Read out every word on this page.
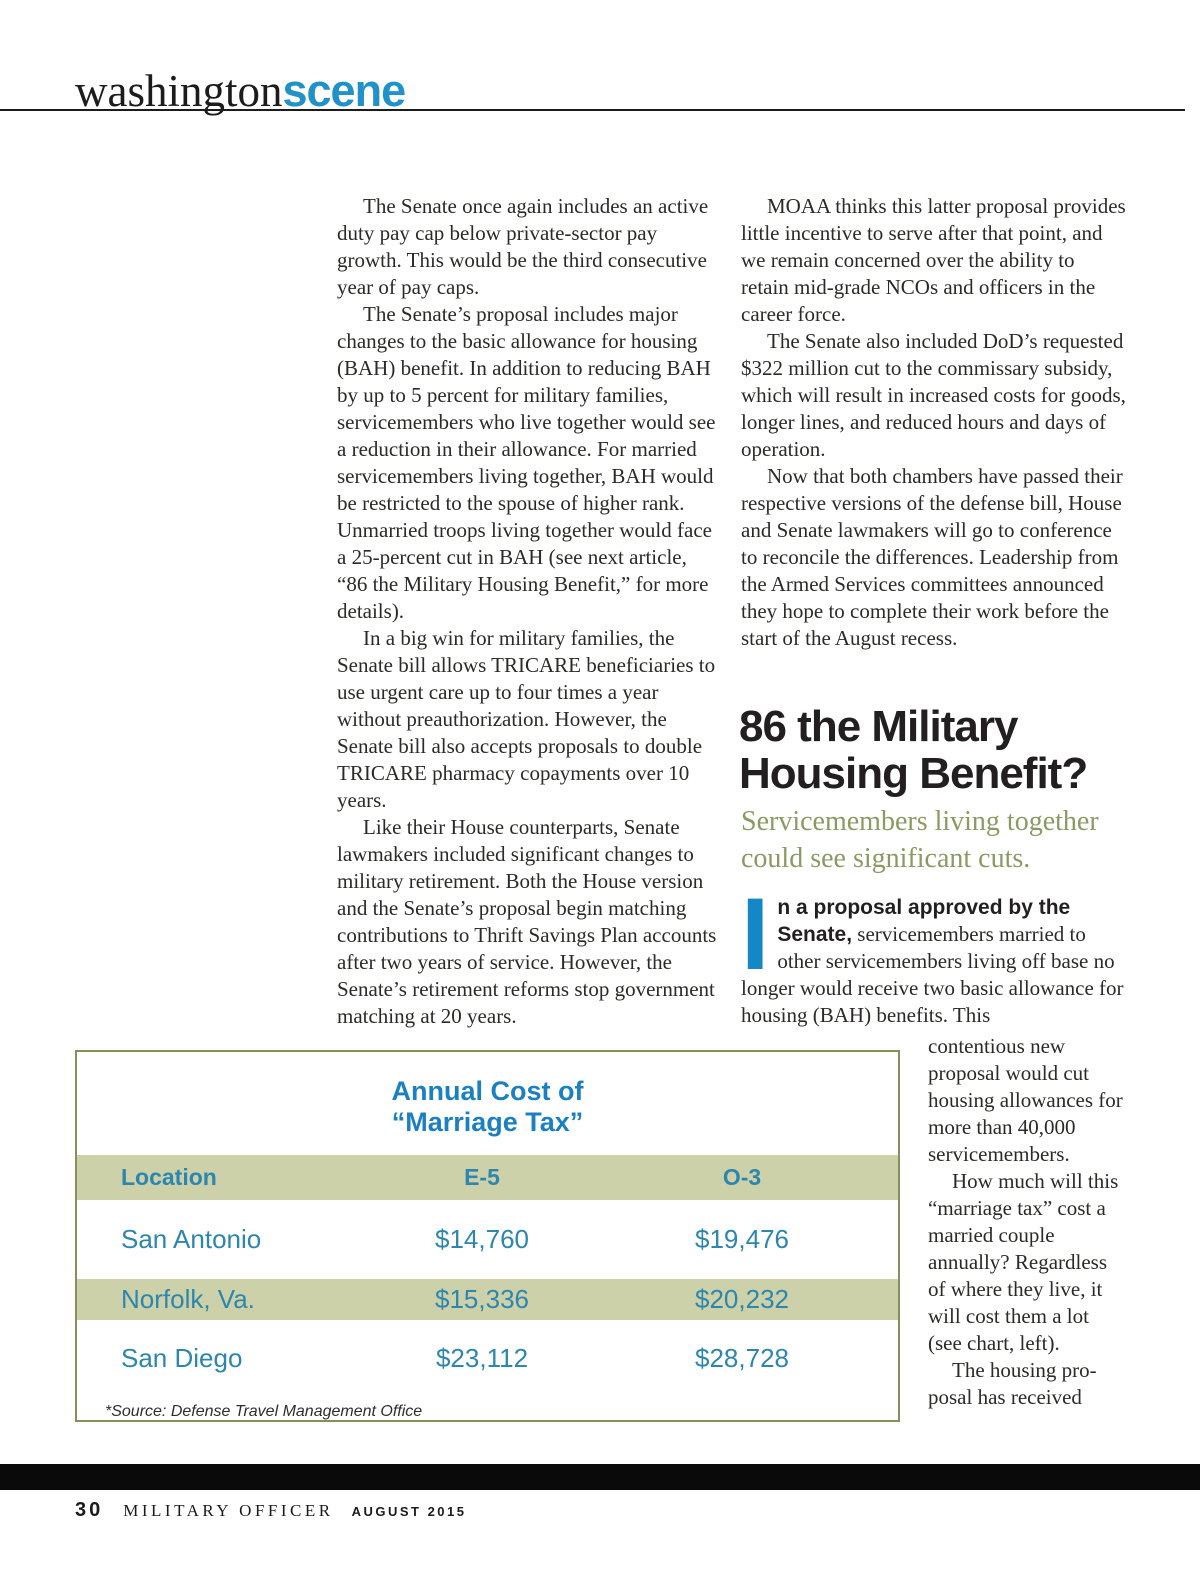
washingtonscene

The Senate once again includes an active duty pay cap below private-sector pay growth. This would be the third consecutive year of pay caps.

The Senate’s proposal includes major changes to the basic allowance for housing (BAH) benefit. In addition to reducing BAH by up to 5 percent for military families, servicemembers who live together would see a reduction in their allowance. For married servicemembers living together, BAH would be restricted to the spouse of higher rank. Unmarried troops living together would face a 25-percent cut in BAH (see next article, “86 the Military Housing Benefit,” for more details).

In a big win for military families, the Senate bill allows TRICARE beneficiaries to use urgent care up to four times a year without preauthorization. However, the Senate bill also accepts proposals to double TRICARE pharmacy copayments over 10 years.

Like their House counterparts, Senate lawmakers included significant changes to military retirement. Both the House version and the Senate’s proposal begin matching contributions to Thrift Savings Plan accounts after two years of service. However, the Senate’s retirement reforms stop government matching at 20 years.

MOAA thinks this latter proposal provides little incentive to serve after that point, and we remain concerned over the ability to retain mid-grade NCOs and officers in the career force.

The Senate also included DoD’s requested $322 million cut to the commissary subsidy, which will result in increased costs for goods, longer lines, and reduced hours and days of operation.

Now that both chambers have passed their respective versions of the defense bill, House and Senate lawmakers will go to conference to reconcile the differences. Leadership from the Armed Services committees announced they hope to complete their work before the start of the August recess.

86 the Military
Housing Benefit?
Servicemembers living together could see significant cuts.
In a proposal approved by the Senate, servicemembers married to other servicemembers living off base no longer would receive two basic allowance for housing (BAH) benefits. This

contentious new proposal would cut housing allowances for more than 40,000 servicemembers.

How much will this “marriage tax” cost a married couple annually? Regardless of where they live, it will cost them a lot (see chart, left).

The housing proposal has received

Annual Cost of
“Marriage Tax”
Location	E-5	O-3
San Antonio	$14,760	$19,476
Norfolk, Va.	$15,336	$20,232
San Diego	$23,112	$28,728
*Source: Defense Travel Management Office
30 MILITARY OFFICER AUGUST 2015
